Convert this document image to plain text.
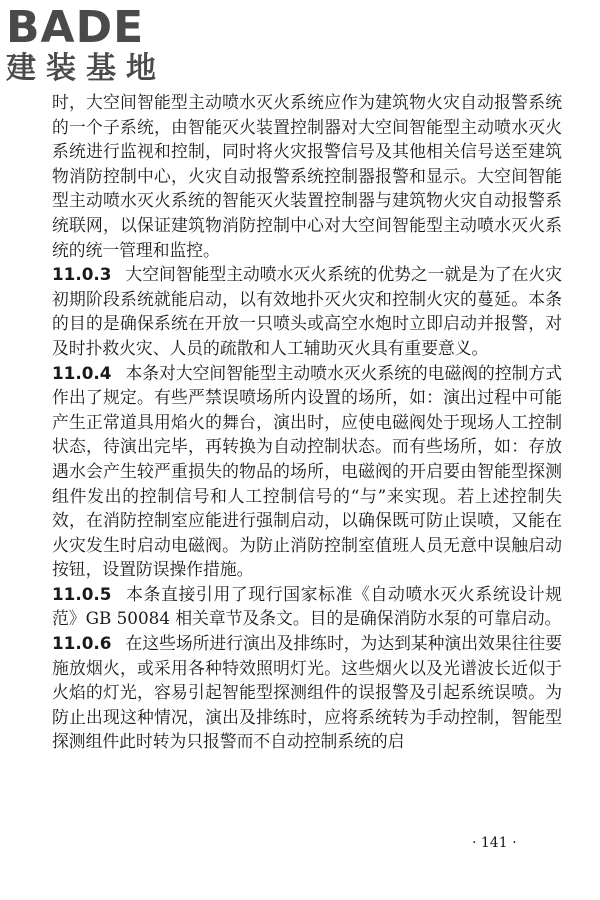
BADE
建装基地

时，大空间智能型主动喷水灭火系统应作为建筑物火灾自动报警系统的一个子系统，由智能灭火装置控制器对大空间智能型主动喷水灭火系统进行监视和控制，同时将火灾报警信号及其他相关信号送至建筑物消防控制中心，火灾自动报警系统控制器报警和显示。大空间智能型主动喷水灭火系统的智能灭火装置控制器与建筑物火灾自动报警系统联网，以保证建筑物消防控制中心对大空间智能型主动喷水灭火系统的统一管理和监控。

11.0.3 大空间智能型主动喷水灭火系统的优势之一就是为了在火灾初期阶段系统就能启动，以有效地扑灭火灾和控制火灾的蔓延。本条的目的是确保系统在开放一只喷头或高空水炮时立即启动并报警，对及时扑救火灾、人员的疏散和人工辅助灭火具有重要意义。

11.0.4 本条对大空间智能型主动喷水灭火系统的电磁阀的控制方式作出了规定。有些严禁误喷场所内设置的场所，如：演出过程中可能产生正常道具用焰火的舞台，演出时，应使电磁阀处于现场人工控制状态，待演出完毕，再转换为自动控制状态。而有些场所，如：存放遇水会产生较严重损失的物品的场所，电磁阀的开启要由智能型探测组件发出的控制信号和人工控制信号的“与”来实现。若上述控制失效，在消防控制室应能进行强制启动，以确保既可防止误喷，又能在火灾发生时启动电磁阀。为防止消防控制室值班人员无意中误触启动按钮，设置防误操作措施。

11.0.5 本条直接引用了现行国家标准《自动喷水灭火系统设计规范》GB 50084 相关章节及条文。目的是确保消防水泵的可靠启动。

11.0.6 在这些场所进行演出及排练时，为达到某种演出效果往往要施放烟火，或采用各种特效照明灯光。这些烟火以及光谱波长近似于火焰的灯光，容易引起智能型探测组件的误报警及引起系统误喷。为防止出现这种情况，演出及排练时，应将系统转为手动控制，智能型探测组件此时转为只报警而不自动控制系统的启

· 141 ·
